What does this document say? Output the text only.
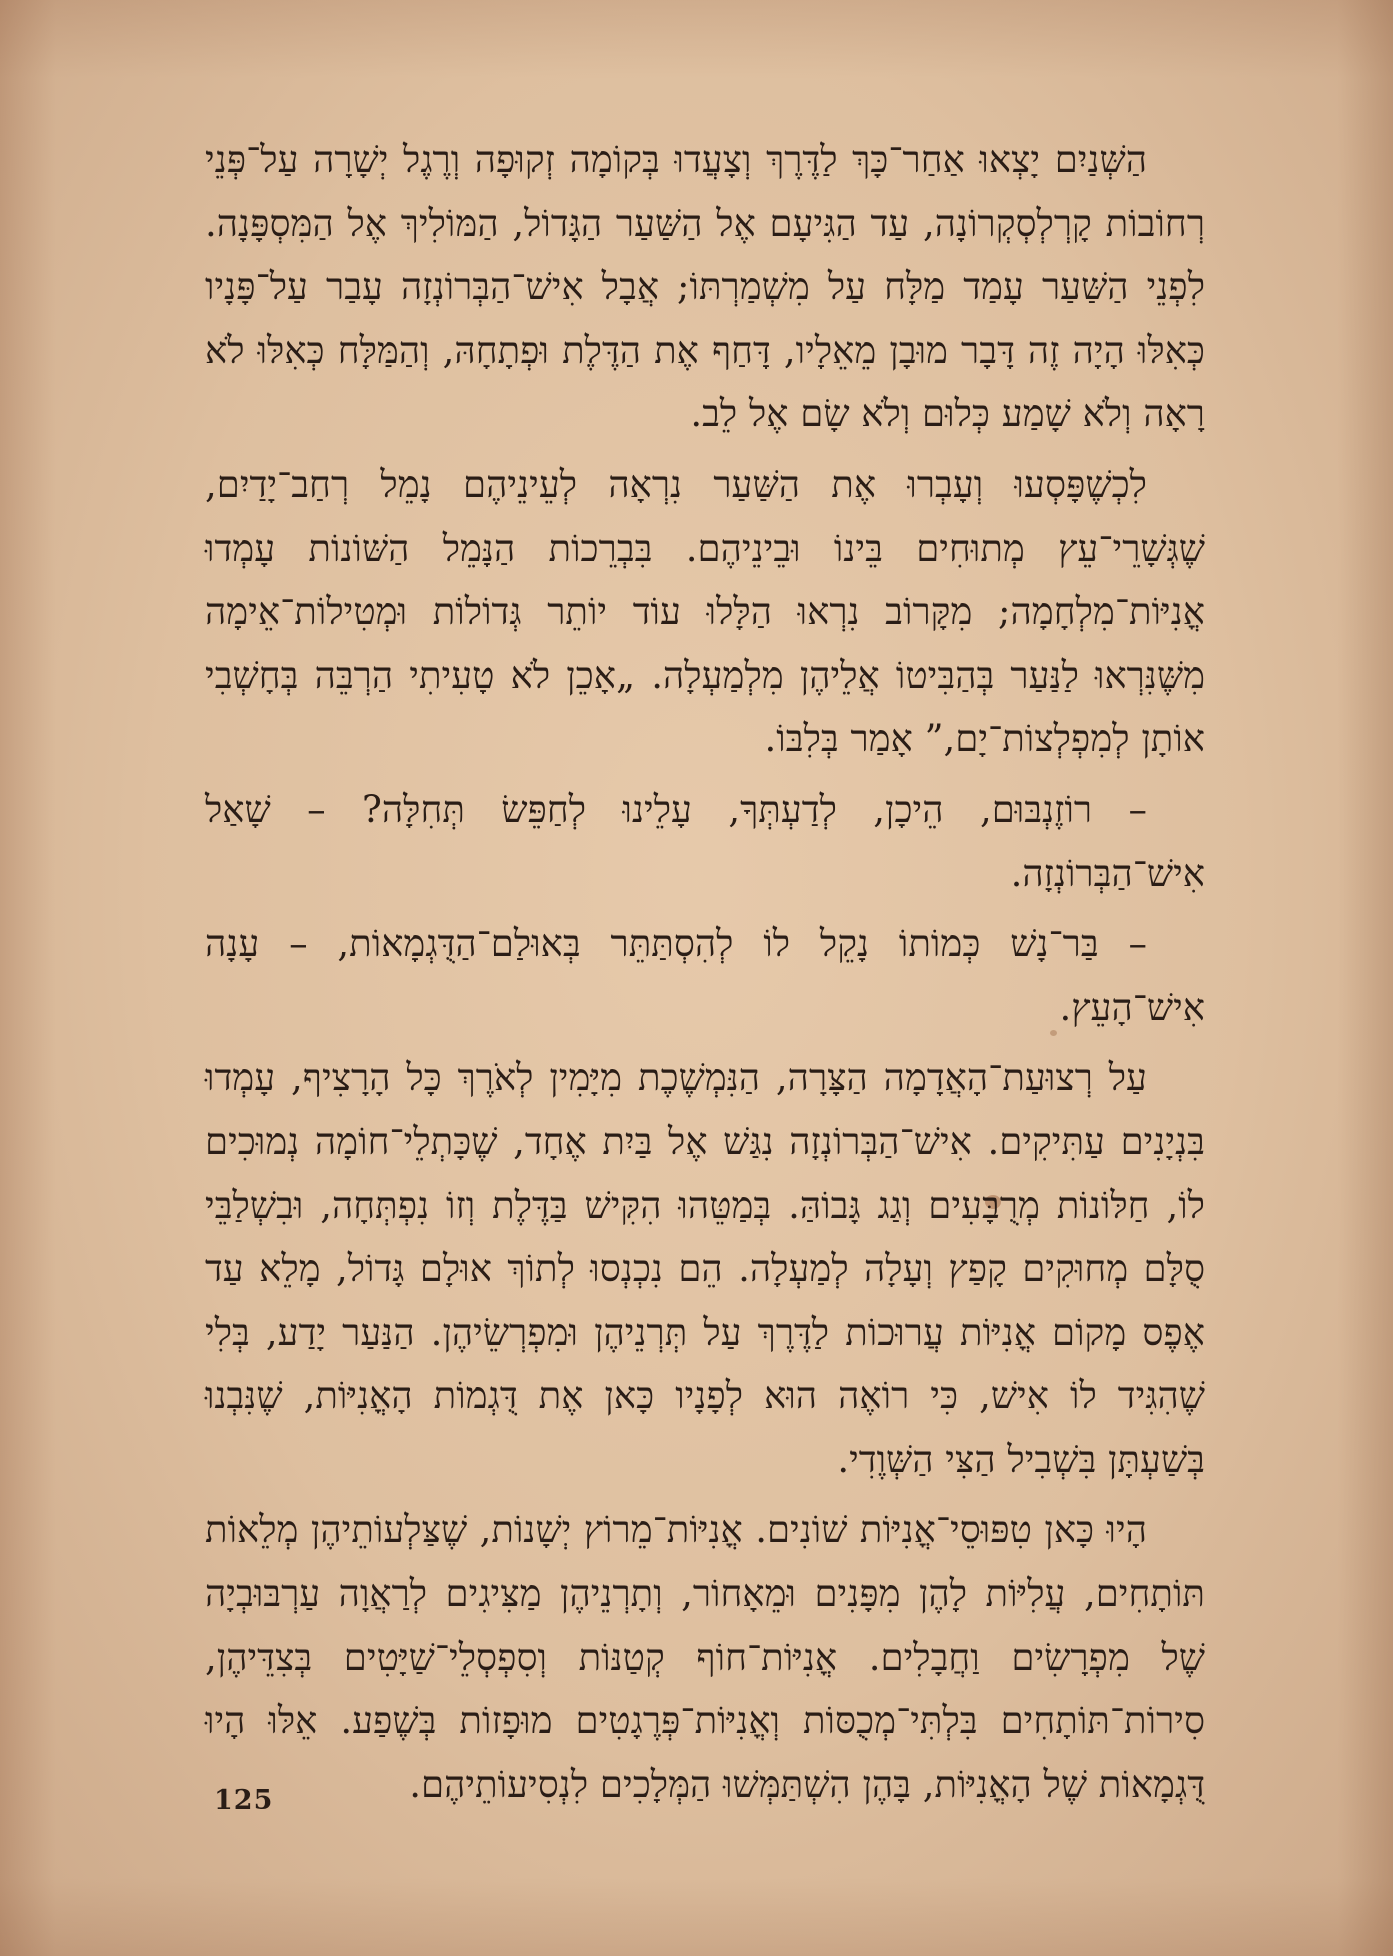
הַשְּׁנַיִם יָצְאוּ אַחַר־כָּךְ לַדֶּרֶךְ וְצָעֲדוּ בְּקוֹמָה זְקוּפָה וְרֶגֶל יְשָׁרָה עַל־פְּנֵי רְחוֹבוֹת קָרְלְסְקְרוֹנָה, עַד הַגִּיעָם אֶל הַשַּׁעַר הַגָּדוֹל, הַמּוֹלִיךְ אֶל הַמִּסְפָּנָה. לִפְנֵי הַשַּׁעַר עָמַד מַלָּח עַל מִשְׁמַרְתּוֹ; אֲבָל אִישׁ־הַבְּרוֹנְזָה עָבַר עַל־פָּנָיו כְּאִלּוּ הָיָה זֶה דָּבָר מוּבָן מֵאֵלָיו, דָּחַף אֶת הַדֶּלֶת וּפְתָחָהּ, וְהַמַּלָּח כְּאִלּוּ לֹא רָאָה וְלֹא שָׁמַע כְּלוּם וְלֹא שָׂם אֶל לֵב.

לִכְשֶׁפָּסְעוּ וְעָבְרוּ אֶת הַשַּׁעַר נִרְאָה לְעֵינֵיהֶם נָמֵל רְחַב־יָדַיִם, שֶׁגְּשָׁרֵי־עֵץ מְתוּחִים בֵּינוֹ וּבֵינֵיהֶם. בִּבְרֵכוֹת הַנָּמֵל הַשּׁוֹנוֹת עָמְדוּ אֳנִיּוֹת־מִלְחָמָה; מִקָּרוֹב נִרְאוּ הַלָּלוּ עוֹד יוֹתֵר גְּדוֹלוֹת וּמְטִילוֹת־אֵימָה מִשֶּׁנִּרְאוּ לַנַּעַר בְּהַבִּיטוֹ אֲלֵיהֶן מִלְמַעְלָה. „אָכֵן לֹא טָעִיתִי הַרְבֵּה בְּחָשְׁבִי אוֹתָן לְמִפְלְצוֹת־יָם,” אָמַר בְּלִבּוֹ.

– רוֹזֶנְבּוּם, הֵיכָן, לְדַעְתְּךָ, עָלֵינוּ לְחַפֵּשׂ תְּחִלָּה? – שָׁאַל אִישׁ־הַבְּרוֹנְזָה.

– בַּר־נָשׁ כְּמוֹתוֹ נָקֵל לוֹ לְהִסְתַּתֵּר בְּאוּלַם־הַדֻּגְמָאוֹת, – עָנָה אִישׁ־הָעֵץ.

עַל רְצוּעַת־הָאֲדָמָה הַצָּרָה, הַנִּמְשֶׁכֶת מִיָּמִין לְאֹרֶךְ כָּל הָרָצִיף, עָמְדוּ בִּנְיָנִים עַתִּיקִים. אִישׁ־הַבְּרוֹנְזָה נִגַּשׁ אֶל בַּיִת אֶחָד, שֶׁכָּתְלֵי־חוֹמָה נְמוּכִים לוֹ, חַלּוֹנוֹת מְרֻבָּעִים וְגַג גָּבוֹהַּ. בְּמַטֵּהוּ הִקִּישׁ בַּדֶּלֶת וְזוֹ נִפְתְּחָה, וּבִשְׁלַבֵּי סֻלָּם מְחוּקִים קָפַץ וְעָלָה לְמַעְלָה. הֵם נִכְנְסוּ לְתוֹךְ אוּלָם גָּדוֹל, מָלֵא עַד אֶפֶס מָקוֹם אֳנִיּוֹת עֲרוּכוֹת לַדֶּרֶךְ עַל תְּרְנֵיהֶן וּמִפְרְשֵׂיהֶן. הַנַּעַר יָדַע, בְּלִי שֶׁהִגִּיד לוֹ אִישׁ, כִּי רוֹאֶה הוּא לְפָנָיו כָּאן אֶת דֻּגְמוֹת הָאֳנִיּוֹת, שֶׁנִּבְנוּ בְּשַׁעְתָּן בִּשְׁבִיל הַצִּי הַשְּׁוֶדִי.

הָיוּ כָּאן טִפּוּסֵי־אֳנִיּוֹת שׁוֹנִים. אֳנִיּוֹת־מֵרוֹץ יְשָׁנוֹת, שֶׁצַּלְעוֹתֵיהֶן מְלֵאוֹת תּוֹתָחִים, עֲלִיּוֹת לָהֶן מִפָּנִים וּמֵאָחוֹר, וְתָרְנֵיהֶן מַצִּיגִים לְרַאֲוָה עַרְבּוּבְיָה שֶׁל מִפְרָשִׂים וַחֲבָלִים. אֳנִיּוֹת־חוֹף קְטַנּוֹת וְסִפְסְלֵי־שַׁיָּטִים בְּצִדֵּיהֶן, סִירוֹת־תּוֹתָחִים בִּלְתִּי־מְכֻסּוֹת וְאֳנִיּוֹת־פְּרֶגָטִים מוּפָזוֹת בְּשֶׁפַע. אֵלּוּ הָיוּ דֻּגְמָאוֹת שֶׁל הָאֳנִיּוֹת, בָּהֶן הִשְׁתַּמְּשׁוּ הַמְּלָכִים לִנְסִיעוֹתֵיהֶם.

125
